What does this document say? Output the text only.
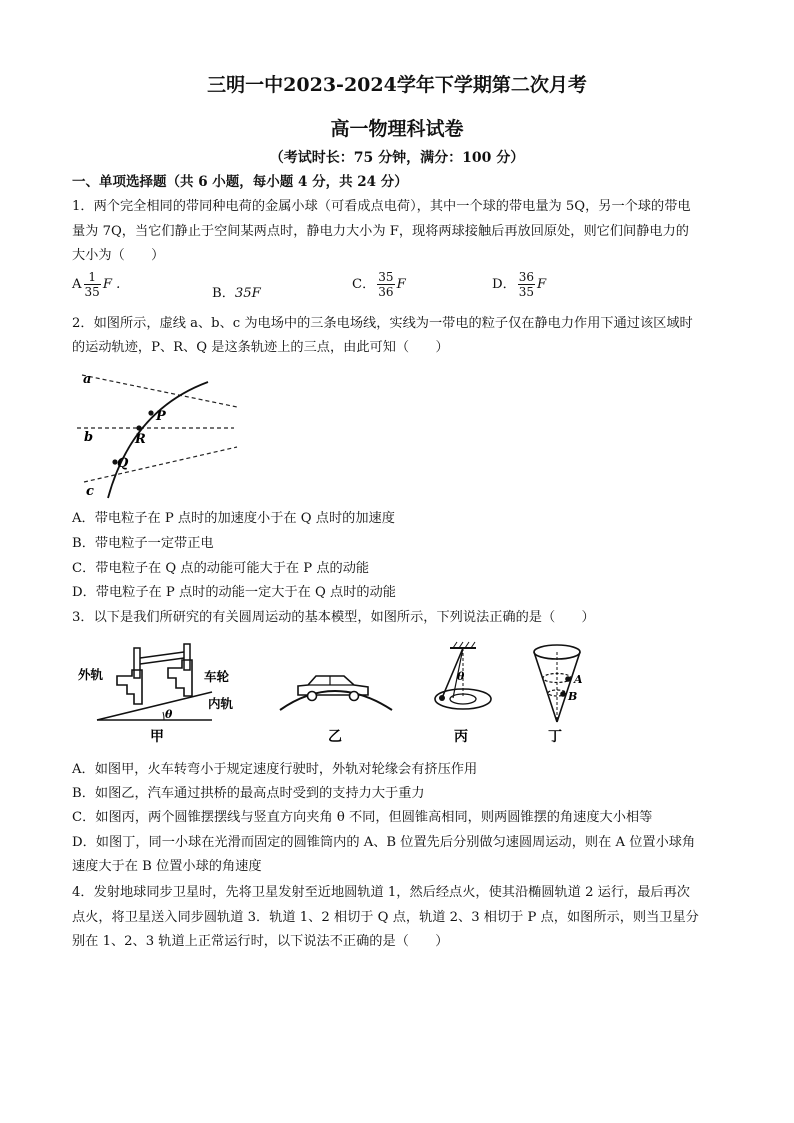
三明一中2023-2024学年下学期第二次月考
高一物理科试卷
（考试时长：75 分钟，满分：100 分）
一、单项选择题（共 6 小题，每小题 4 分，共 24 分）
1．两个完全相同的带同种电荷的金属小球（可看成点电荷），其中一个球的带电量为 5Q，另一个球的带电
量为 7Q，当它们静止于空间某两点时，静电力大小为 F，现将两球接触后再放回原处，则它们间静电力的
大小为（　　）
A $\frac{1}{35}$ F .
B．35F
C． $\frac{35}{36}$ F	D． $\frac{36}{35}$ F
2．如图所示，虚线 a、b、c 为电场中的三条电场线，实线为一带电的粒子仅在静电力作用下通过该区域时
的运动轨迹，P、R、Q 是这条轨迹上的三点，由此可知（　　）
a
b
c
P
R
Q
A．带电粒子在 P 点时的加速度小于在 Q 点时的加速度
B．带电粒子一定带正电
C．带电粒子在 Q 点的动能可能大于在 P 点的动能
D．带电粒子在 P 点时的动能一定大于在 Q 点时的动能
3．以下是我们所研究的有关圆周运动的基本模型，如图所示，下列说法正确的是（　　）
外轨	车轮
内轨
θ
甲	乙
θ
丙
A
B
丁
A．如图甲，火车转弯小于规定速度行驶时，外轨对轮缘会有挤压作用
B．如图乙，汽车通过拱桥的最高点时受到的支持力大于重力
C．如图丙，两个圆锥摆摆线与竖直方向夹角 θ 不同，但圆锥高相同，则两圆锥摆的角速度大小相等
D．如图丁，同一小球在光滑而固定的圆锥筒内的 A、B 位置先后分别做匀速圆周运动，则在 A 位置小球角
速度大于在 B 位置小球的角速度
4．发射地球同步卫星时，先将卫星发射至近地圆轨道 1，然后经点火，使其沿椭圆轨道 2 运行，最后再次
点火，将卫星送入同步圆轨道 3．轨道 1、2 相切于 Q 点，轨道 2、3 相切于 P 点，如图所示，则当卫星分
别在 1、2、3 轨道上正常运行时，以下说法不正确的是（　　）
